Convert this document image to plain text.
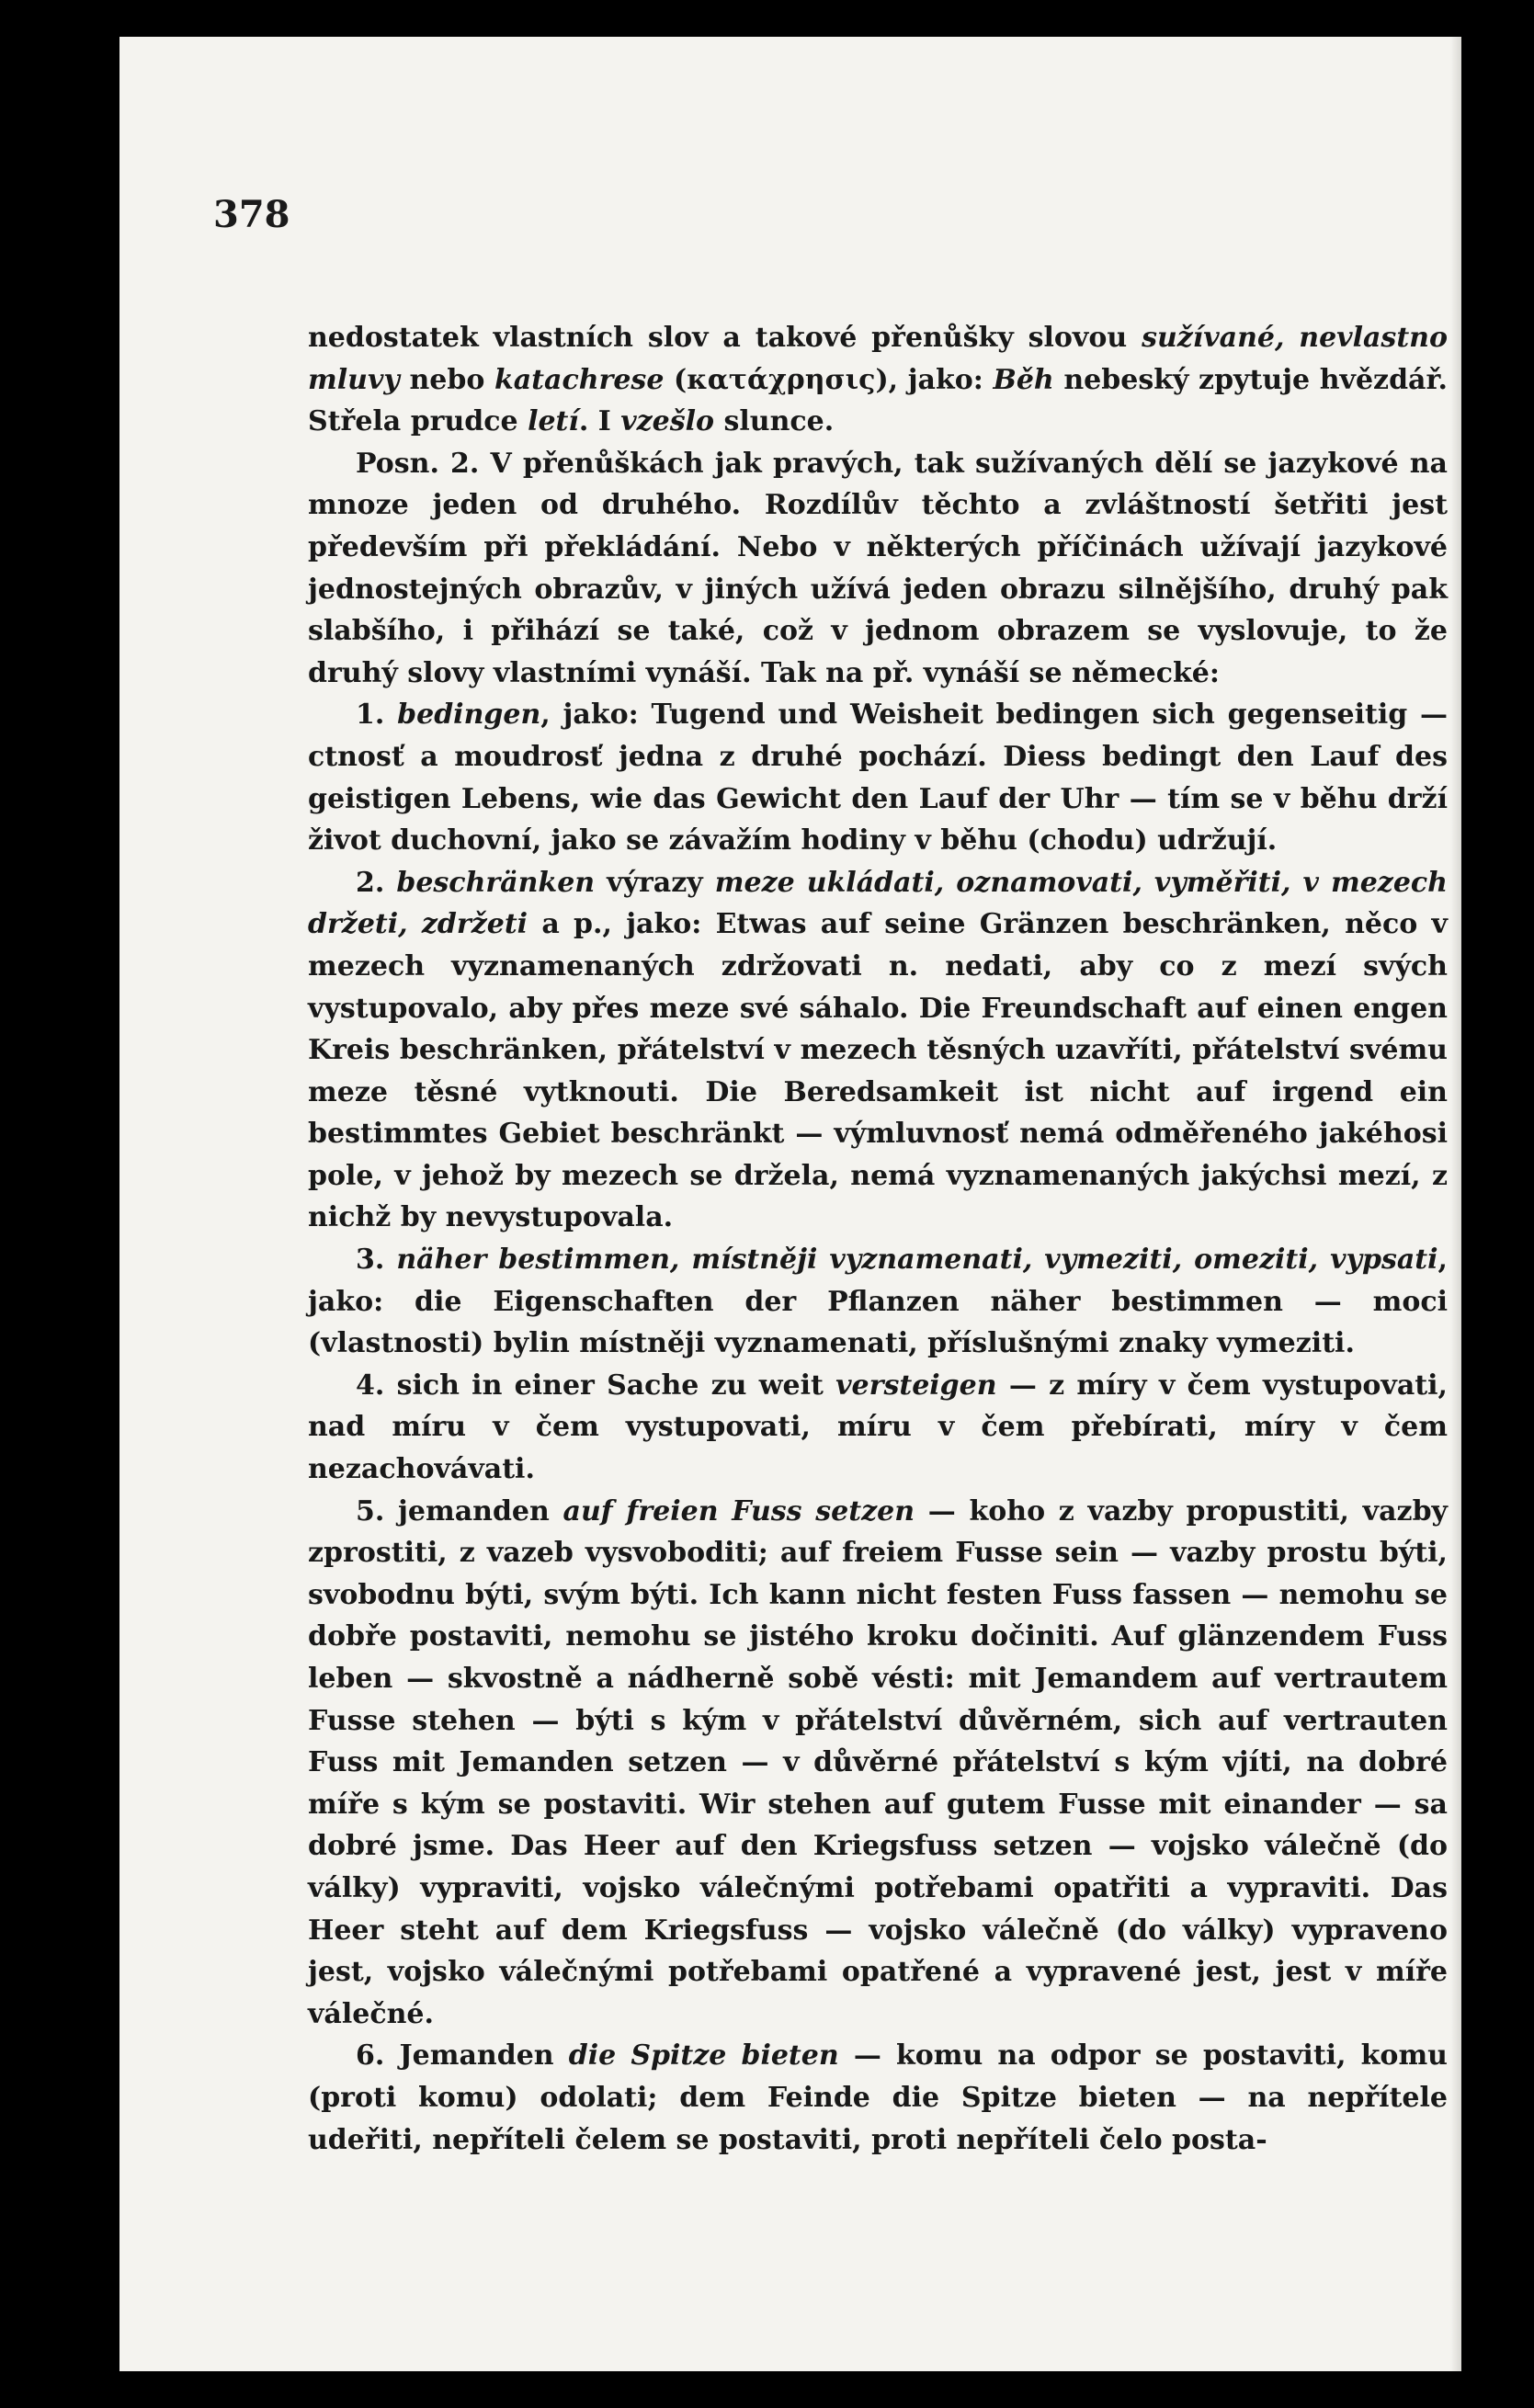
378

nedostatek vlastních slov a takové přenůšky slovou sužívané, nevlastno mluvy nebo katachrese (κατάχρησις), jako: Běh nebeský zpytuje hvězdář. Střela prudce letí. I vzešlo slunce.

Posn. 2. V přenůškách jak pravých, tak sužívaných dělí se jazykové na mnoze jeden od druhého. Rozdílův těchto a zvláštností šetřiti jest především při překládání. Nebo v některých příčinách užívají jazykové jednostejných obrazův, v jiných užívá jeden obrazu silnějšího, druhý pak slabšího, i přihází se také, což v jednom obrazem se vyslovuje, to že druhý slovy vlastními vynáší. Tak na př. vynáší se německé:

1. bedingen, jako: Tugend und Weisheit bedingen sich gegenseitig — ctnosť a moudrosť jedna z druhé pochází. Diess bedingt den Lauf des geistigen Lebens, wie das Gewicht den Lauf der Uhr — tím se v běhu drží život duchovní, jako se závažím hodiny v běhu (chodu) udržují.

2. beschränken výrazy meze ukládati, oznamovati, vyměřiti, v mezech držeti, zdržeti a p., jako: Etwas auf seine Gränzen beschränken, něco v mezech vyznamenaných zdržovati n. nedati, aby co z mezí svých vystupovalo, aby přes meze své sáhalo. Die Freundschaft auf einen engen Kreis beschränken, přátelství v mezech těsných uzavříti, přátelství svému meze těsné vytknouti. Die Beredsamkeit ist nicht auf irgend ein bestimmtes Gebiet beschränkt — výmluvnosť nemá odměřeného jakéhosi pole, v jehož by mezech se držela, nemá vyznamenaných jakýchsi mezí, z nichž by nevystupovala.

3. näher bestimmen, místněji vyznamenati, vymeziti, omeziti, vypsati, jako: die Eigenschaften der Pflanzen näher bestimmen — moci (vlastnosti) bylin místněji vyznamenati, příslušnými znaky vymeziti.

4. sich in einer Sache zu weit versteigen — z míry v čem vystupovati, nad míru v čem vystupovati, míru v čem přebírati, míry v čem nezachovávati.

5. jemanden auf freien Fuss setzen — koho z vazby propustiti, vazby zprostiti, z vazeb vysvoboditi; auf freiem Fusse sein — vazby prostu býti, svobodnu býti, svým býti. Ich kann nicht festen Fuss fassen — nemohu se dobře postaviti, nemohu se jistého kroku dočiniti. Auf glänzendem Fuss leben — skvostně a nádherně sobě vésti: mit Jemandem auf vertrautem Fusse stehen — býti s kým v přátelství důvěrném, sich auf vertrauten Fuss mit Jemanden setzen — v důvěrné přátelství s kým vjíti, na dobré míře s kým se postaviti. Wir stehen auf gutem Fusse mit einander — sa dobré jsme. Das Heer auf den Kriegsfuss setzen — vojsko válečně (do války) vypraviti, vojsko válečnými potřebami opatřiti a vypraviti. Das Heer steht auf dem Kriegsfuss — vojsko válečně (do války) vypraveno jest, vojsko válečnými potřebami opatřené a vypravené jest, jest v míře válečné.

6. Jemanden die Spitze bieten — komu na odpor se postaviti, komu (proti komu) odolati; dem Feinde die Spitze bieten — na nepřítele udeřiti, nepříteli čelem se postaviti, proti nepříteli čelo posta-
